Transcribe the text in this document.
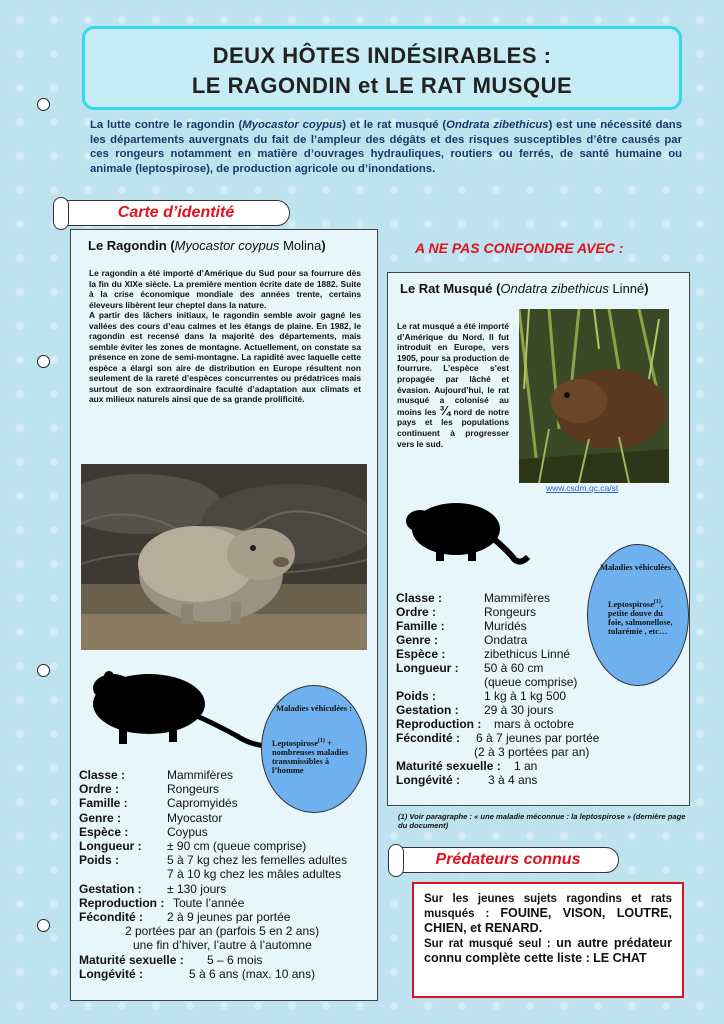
DEUX HÔTES INDÉSIRABLES :
LE RAGONDIN et LE RAT MUSQUE
La lutte contre le ragondin (Myocastor coypus) et le rat musqué (Ondrata zibethicus) est une nécessité dans les départements auvergnats du fait de l’ampleur des dégâts et des risques susceptibles d’être causés par ces rongeurs notamment en matière d’ouvrages hydrauliques, routiers ou ferrés, de santé humaine ou animale (leptospirose), de production agricole ou d’inondations.
Carte d’identité
Le Ragondin (Myocastor coypus Molina)
Le ragondin a été importé d’Amérique du Sud pour sa fourrure dès la fin du XIXe siècle. La première mention écrite date de 1882. Suite à la crise économique mondiale des années trente, certains éleveurs libèrent leur cheptel dans la nature.
A partir des lâchers initiaux, le ragondin semble avoir gagné les vallées des cours d’eau calmes et les étangs de plaine. En 1982, le ragondin est recensé dans la majorité des départements, mais semble éviter les zones de montagne. Actuellement, on constate sa présence en zone de semi-montagne. La rapidité avec laquelle cette espèce a élargi son aire de distribution en Europe résultent non seulement de la rareté d’espèces concurrentes ou prédatrices mais surtout de son extraordinaire faculté d’adaptation aux climats et aux milieux naturels ainsi que de sa grande prolificité.
Maladies véhiculées :
Leptospirose$^{(1)}$ + nombreuses maladies transmissibles à l’homme
Classe :	Mammifères
Ordre :	Rongeurs
Famille :	Capromyidés
Genre :	Myocastor
Espèce :	Coypus
Longueur :	± 90 cm (queue comprise)
Poids :	5 à 7 kg chez les femelles adultes
7 à 10 kg chez les mâles adultes
Gestation :	± 130 jours
Reproduction : Toute l’année
Fécondité :	2 à 9 jeunes par portée
2 portées par an (parfois 5 en 2 ans)
une fin d’hiver, l’autre à l’automne
Maturité sexuelle :	5 – 6 mois
Longévité :	5 à 6 ans (max. 10 ans)
A NE PAS CONFONDRE AVEC :
Le Rat Musqué (Ondatra zibethicus Linné)
Le rat musqué a été importé d’Amérique du Nord. Il fut introduit en Europe, vers 1905, pour sa production de fourrure. L’espèce s’est propagée par lâché et évasion. Aujourd’hui, le rat musqué a colonisé au moins les ¾ nord de notre pays et les populations continuent à progresser vers le sud.
www.csdm.qc.ca/st
Classe :	Mammifères
Ordre :	Rongeurs
Famille :	Muridés
Genre :	Ondatra
Espèce :	zibethicus Linné
Longueur :	50 à 60 cm
(queue comprise)
Poids :	1 kg à 1 kg 500
Gestation :	29 à 30 jours
Reproduction :	mars à octobre
Fécondité :	6 à 7 jeunes par portée
(2 à 3 portées par an)
Maturité sexuelle :	1 an
Longévité :	3 à 4 ans
Maladies véhiculées :
Leptospirose$^{(1)}$, petite douve du foie, salmonellose, tularémie , etc…
(1) Voir paragraphe : « une maladie méconnue : la leptospirose » (dernière page du document)
Prédateurs connus
Sur les jeunes sujets ragondins et rats musqués : FOUINE, VISON, LOUTRE, CHIEN, et RENARD.
Sur rat musqué seul : un autre prédateur connu complète cette liste : LE CHAT
